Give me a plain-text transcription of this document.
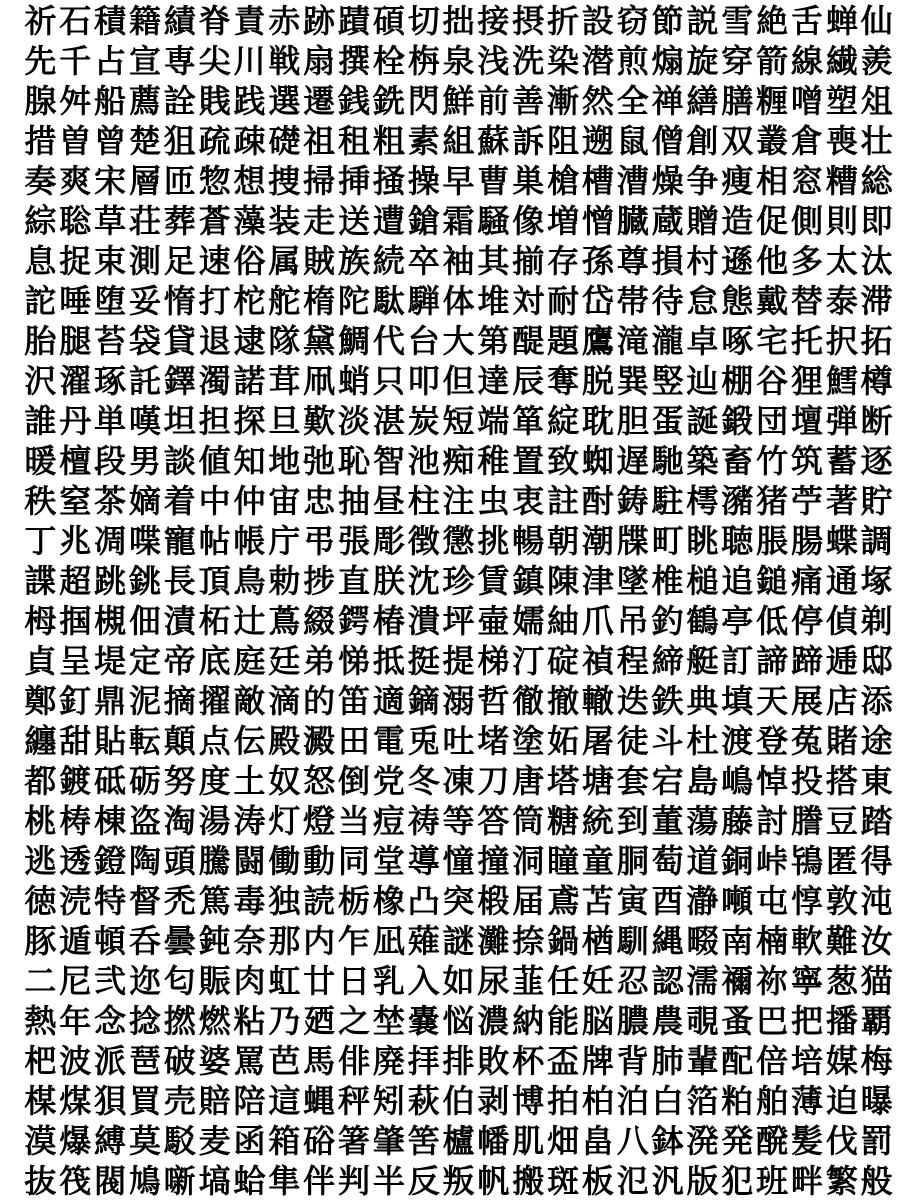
祈 石 積 籍 績 脊 責 赤 跡 蹟 碩 切 拙 接 摂 折 設 窃 節 説 雪 絶 舌 蝉 仙
先 千 占 宣 専 尖 川 戦 扇 撰 栓 栴 泉 浅 洗 染 潜 煎 煽 旋 穿 箭 線 繊 羨
腺 舛 船 薦 詮 賎 践 選 遷 銭 銑 閃 鮮 前 善 漸 然 全 禅 繕 膳 糎 噌 塑 俎
措 曽 曾 楚 狙 疏 疎 礎 祖 租 粗 素 組 蘇 訴 阻 遡 鼠 僧 創 双 叢 倉 喪 壮
奏 爽 宋 層 匝 惣 想 捜 掃 挿 掻 操 早 曹 巣 槍 槽 漕 燥 争 痩 相 窓 糟 総
綜 聡 草 荘 葬 蒼 藻 装 走 送 遭 鎗 霜 騒 像 増 憎 臓 蔵 贈 造 促 側 則 即
息 捉 束 測 足 速 俗 属 賊 族 続 卒 袖 其 揃 存 孫 尊 損 村 遜 他 多 太 汰
詑 唾 堕 妥 惰 打 柁 舵 楕 陀 駄 騨 体 堆 対 耐 岱 帯 待 怠 態 戴 替 泰 滞
胎 腿 苔 袋 貸 退 逮 隊 黛 鯛 代 台 大 第 醍 題 鷹 滝 瀧 卓 啄 宅 托 択 拓
沢 濯 琢 託 鐸 濁 諾 茸 凧 蛸 只 叩 但 達 辰 奪 脱 巽 竪 辿 棚 谷 狸 鱈 樽
誰 丹 単 嘆 坦 担 探 旦 歎 淡 湛 炭 短 端 箪 綻 耽 胆 蛋 誕 鍛 団 壇 弾 断
暖 檀 段 男 談 値 知 地 弛 恥 智 池 痴 稚 置 致 蜘 遅 馳 築 畜 竹 筑 蓄 逐
秩 窒 茶 嫡 着 中 仲 宙 忠 抽 昼 柱 注 虫 衷 註 酎 鋳 駐 樗 瀦 猪 苧 著 貯
丁 兆 凋 喋 寵 帖 帳 庁 弔 張 彫 徴 懲 挑 暢 朝 潮 牒 町 眺 聴 脹 腸 蝶 調
諜 超 跳 銚 長 頂 鳥 勅 捗 直 朕 沈 珍 賃 鎮 陳 津 墜 椎 槌 追 鎚 痛 通 塚
栂 掴 槻 佃 漬 柘 辻 蔦 綴 鍔 椿 潰 坪 壷 嬬 紬 爪 吊 釣 鶴 亭 低 停 偵 剃
貞 呈 堤 定 帝 底 庭 廷 弟 悌 抵 挺 提 梯 汀 碇 禎 程 締 艇 訂 諦 蹄 逓 邸
鄭 釘 鼎 泥 摘 擢 敵 滴 的 笛 適 鏑 溺 哲 徹 撤 轍 迭 鉄 典 填 天 展 店 添
纏 甜 貼 転 顛 点 伝 殿 澱 田 電 兎 吐 堵 塗 妬 屠 徒 斗 杜 渡 登 菟 賭 途
都 鍍 砥 砺 努 度 土 奴 怒 倒 党 冬 凍 刀 唐 塔 塘 套 宕 島 嶋 悼 投 搭 東
桃 梼 棟 盗 淘 湯 涛 灯 燈 当 痘 祷 等 答 筒 糖 統 到 董 蕩 藤 討 謄 豆 踏
逃 透 鐙 陶 頭 騰 闘 働 動 同 堂 導 憧 撞 洞 瞳 童 胴 萄 道 銅 峠 鴇 匿 得
徳 涜 特 督 禿 篤 毒 独 読 栃 橡 凸 突 椴 届 鳶 苫 寅 酉 瀞 噸 屯 惇 敦 沌
豚 遁 頓 呑 曇 鈍 奈 那 内 乍 凪 薙 謎 灘 捺 鍋 楢 馴 縄 畷 南 楠 軟 難 汝
二 尼 弐 迩 匂 賑 肉 虹 廿 日 乳 入 如 尿 韮 任 妊 忍 認 濡 禰 祢 寧 葱 猫
熱 年 念 捻 撚 燃 粘 乃 廼 之 埜 嚢 悩 濃 納 能 脳 膿 農 覗 蚤 巴 把 播 覇
杷 波 派 琶 破 婆 罵 芭 馬 俳 廃 拝 排 敗 杯 盃 牌 背 肺 輩 配 倍 培 媒 梅
楳 煤 狽 買 売 賠 陪 這 蝿 秤 矧 萩 伯 剥 博 拍 柏 泊 白 箔 粕 舶 薄 迫 曝
漠 爆 縛 莫 駁 麦 函 箱 硲 箸 肇 筈 櫨 幡 肌 畑 畠 八 鉢 溌 発 醗 髪 伐 罰
抜 筏 閥 鳩 噺 塙 蛤 隼 伴 判 半 反 叛 帆 搬 斑 板 氾 汎 版 犯 班 畔 繁 般
